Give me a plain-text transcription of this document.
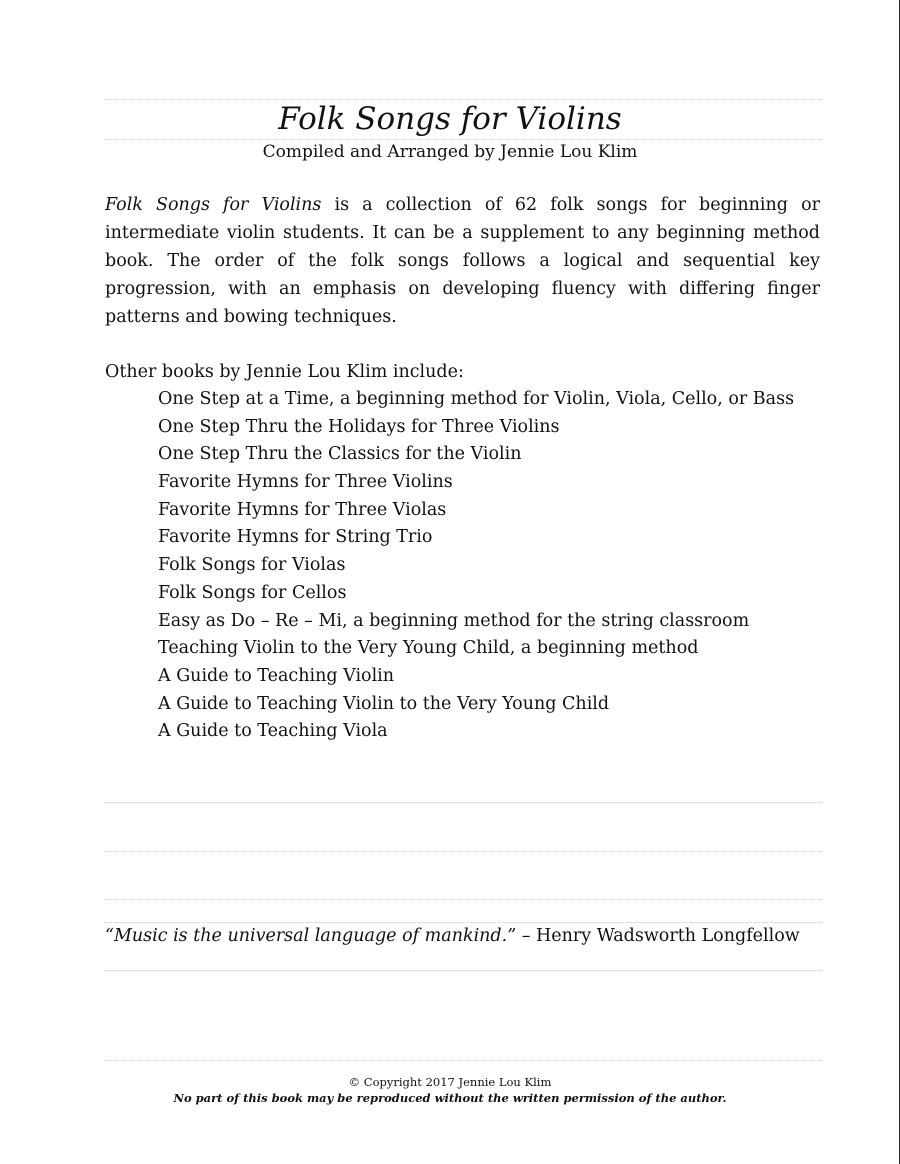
Folk Songs for Violins
Compiled and Arranged by Jennie Lou Klim

Folk Songs for Violins is a collection of 62 folk songs for beginning or intermediate violin students. It can be a supplement to any beginning method book. The order of the folk songs follows a logical and sequential key progression, with an emphasis on developing fluency with differing finger patterns and bowing techniques.

Other books by Jennie Lou Klim include:
One Step at a Time, a beginning method for Violin, Viola, Cello, or Bass
One Step Thru the Holidays for Three Violins
One Step Thru the Classics for the Violin
Favorite Hymns for Three Violins
Favorite Hymns for Three Violas
Favorite Hymns for String Trio
Folk Songs for Violas
Folk Songs for Cellos
Easy as Do – Re – Mi, a beginning method for the string classroom
Teaching Violin to the Very Young Child, a beginning method
A Guide to Teaching Violin
A Guide to Teaching Violin to the Very Young Child
A Guide to Teaching Viola
“Music is the universal language of mankind.” – Henry Wadsworth Longfellow
© Copyright 2017 Jennie Lou Klim
No part of this book may be reproduced without the written permission of the author.
